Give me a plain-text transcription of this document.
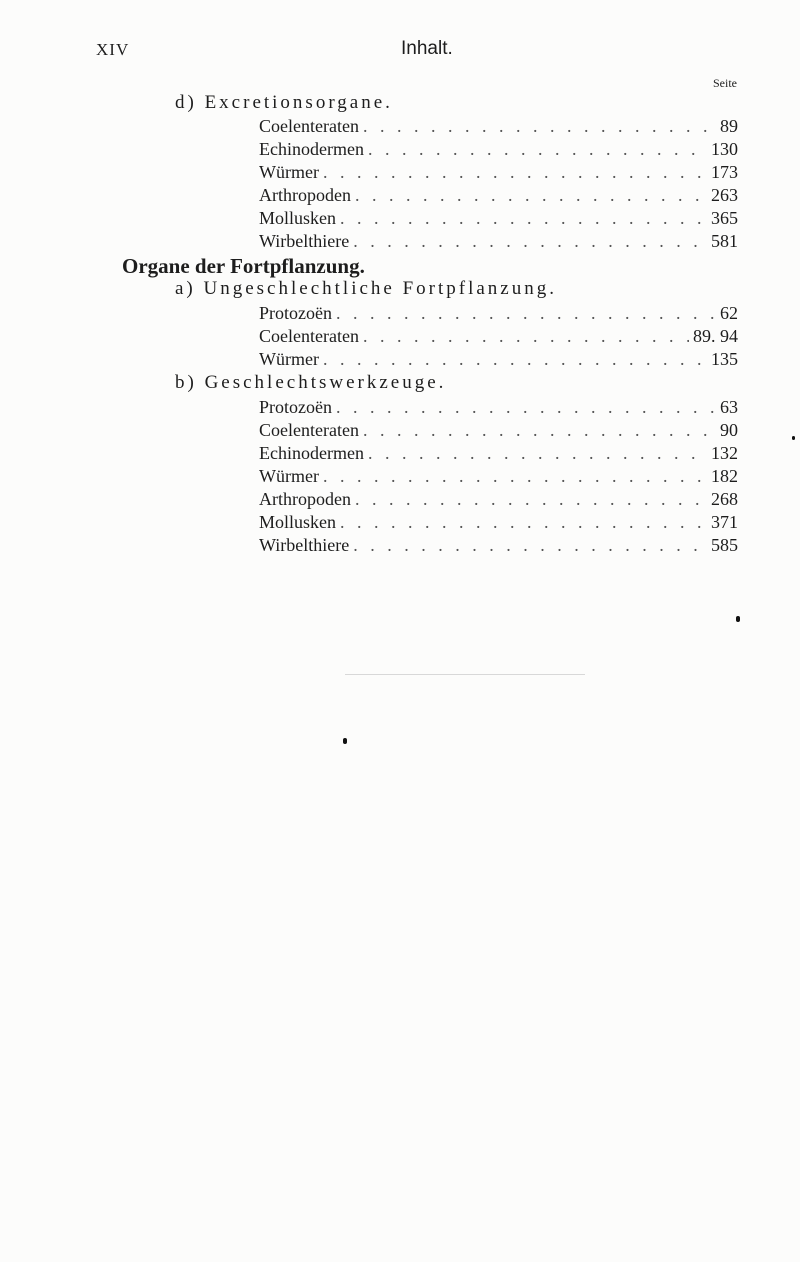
XIV	Inhalt.
Seite
d) Excretionsorgane.
Coelenteraten . . .	89
Echinodermen . . .	130
Würmer . . .	173
Arthropoden . . .	263
Mollusken . . .	365
Wirbelthiere . . .	581
Organe der Fortpflanzung.
a) Ungeschlechtliche Fortpflanzung.
Protozoën . . .	62
Coelenteraten . . .	89. 94
Würmer . . .	135
b) Geschlechtswerkzeuge.
Protozoën . . .	63
Coelenteraten . . .	90
Echinodermen . . .	132
Würmer . . .	182
Arthropoden . . .	268
Mollusken . . .	371
Wirbelthiere . . .	585
